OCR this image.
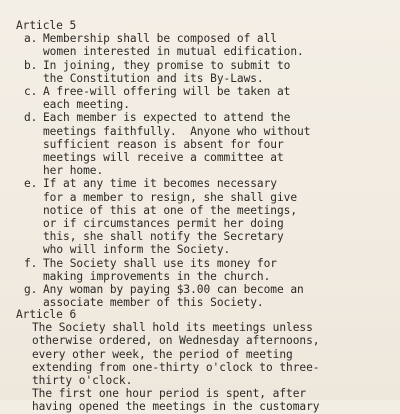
Article 5
a. Membership shall be composed of all
women interested in mutual edification.
b. In joining, they promise to submit to
the Constitution and its By-Laws.
c. A free-will offering will be taken at
each meeting.
d. Each member is expected to attend the
meetings faithfully.  Anyone who without
sufficient reason is absent for four
meetings will receive a committee at
her home.
e. If at any time it becomes necessary
for a member to resign, she shall give
notice of this at one of the meetings,
or if circumstances permit her doing
this, she shall notify the Secretary
who will inform the Society.
f. The Society shall use its money for
making improvements in the church.
g. Any woman by paying $3.00 can become an
associate member of this Society.
Article 6
The Society shall hold its meetings unless
otherwise ordered, on Wednesday afternoons,
every other week, the period of meeting
extending from one-thirty o'clock to three-
thirty o'clock.
The first one hour period is spent, after
having opened the meetings in the customary
